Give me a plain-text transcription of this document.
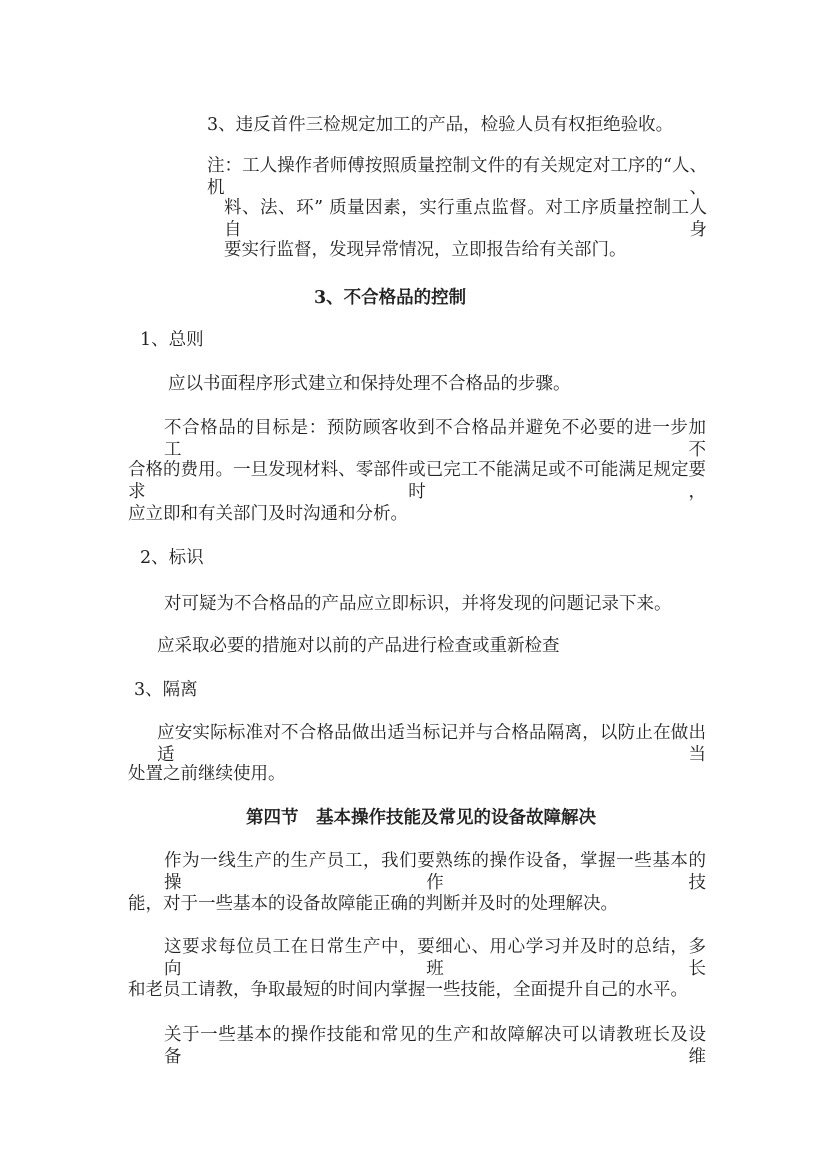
3、违反首件三检规定加工的产品，检验人员有权拒绝验收。
注：工人操作者师傅按照质量控制文件的有关规定对工序的“人、机、
料、法、环” 质量因素，实行重点监督。对工序质量控制工人自身
要实行监督，发现异常情况，立即报告给有关部门。
3、不合格品的控制
1、总则
应以书面程序形式建立和保持处理不合格品的步骤。
不合格品的目标是：预防顾客收到不合格品并避免不必要的进一步加工不
合格的费用。一旦发现材料、零部件或已完工不能满足或不可能满足规定要求时，
应立即和有关部门及时沟通和分析。
2、标识
对可疑为不合格品的产品应立即标识，并将发现的问题记录下来。
应采取必要的措施对以前的产品进行检查或重新检查
3、隔离
应安实际标准对不合格品做出适当标记并与合格品隔离，以防止在做出适当
处置之前继续使用。
第四节　基本操作技能及常见的设备故障解决
作为一线生产的生产员工，我们要熟练的操作设备，掌握一些基本的操作技
能，对于一些基本的设备故障能正确的判断并及时的处理解决。
这要求每位员工在日常生产中，要细心、用心学习并及时的总结，多向班长
和老员工请教，争取最短的时间内掌握一些技能，全面提升自己的水平。
关于一些基本的操作技能和常见的生产和故障解决可以请教班长及设备维
